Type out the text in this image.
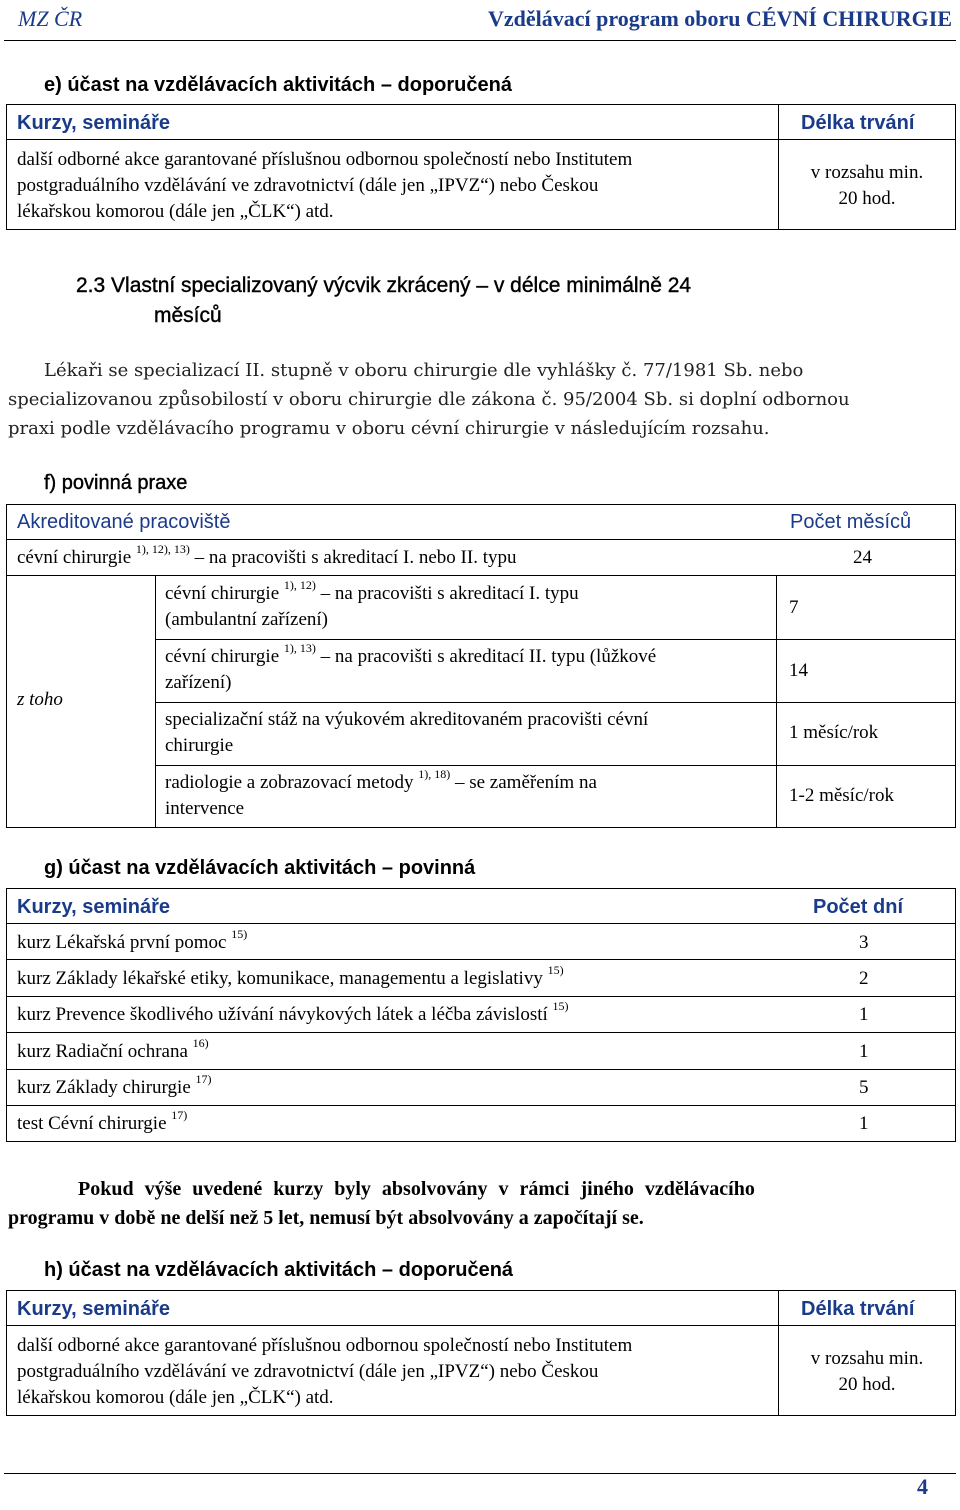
MZ ČR	Vzdělávací program oboru CÉVNÍ CHIRURGIE
e) účast na vzdělávacích aktivitách – doporučená
Kurzy, semináře	Délka trvání
další odborné akce garantované příslušnou odbornou společností nebo Institutem
postgraduálního vzdělávání ve zdravotnictví (dále jen „IPVZ“) nebo Českou
lékařskou komorou (dále jen „ČLK“) atd.
v rozsahu min.
20 hod.
2.3 Vlastní specializovaný výcvik zkrácený – v délce minimálně 24
měsíců
Lékaři se specializací II. stupně v oboru chirurgie dle vyhlášky č. 77/1981 Sb. nebo
specializovanou způsobilostí v oboru chirurgie dle zákona č. 95/2004 Sb. si doplní odbornou
praxi podle vzdělávacího programu v oboru cévní chirurgie v následujícím rozsahu.
f) povinná praxe
Akreditované pracoviště	Počet měsíců
cévní chirurgie $^{1), 12), 13)}$ – na pracovišti s akreditací I. nebo II. typu	24
z toho
cévní chirurgie $^{1), 12)}$ – na pracovišti s akreditací I. typu
(ambulantní zařízení)
7
cévní chirurgie $^{1), 13)}$ – na pracovišti s akreditací II. typu (lůžkové
zařízení)
14
specializační stáž na výukovém akreditovaném pracovišti cévní
chirurgie
1 měsíc/rok
radiologie a zobrazovací metody $^{1), 18)}$ – se zaměřením na
intervence
1-2 měsíc/rok
g) účast na vzdělávacích aktivitách – povinná
Kurzy, semináře	Počet dní
kurz Lékařská první pomoc $^{15)}$	3
kurz Základy lékařské etiky, komunikace, managementu a legislativy $^{15)}$	2
kurz Prevence škodlivého užívání návykových látek a léčba závislostí $^{15)}$	1
kurz Radiační ochrana $^{16)}$	1
kurz Základy chirurgie $^{17)}$	5
test Cévní chirurgie $^{17)}$	1
Pokud výše uvedené kurzy byly absolvovány v rámci jiného vzdělávacího
programu v době ne delší než 5 let, nemusí být absolvovány a započítají se.
h) účast na vzdělávacích aktivitách – doporučená
Kurzy, semináře	Délka trvání
další odborné akce garantované příslušnou odbornou společností nebo Institutem
postgraduálního vzdělávání ve zdravotnictví (dále jen „IPVZ“) nebo Českou
lékařskou komorou (dále jen „ČLK“) atd.
v rozsahu min.
20 hod.
4
